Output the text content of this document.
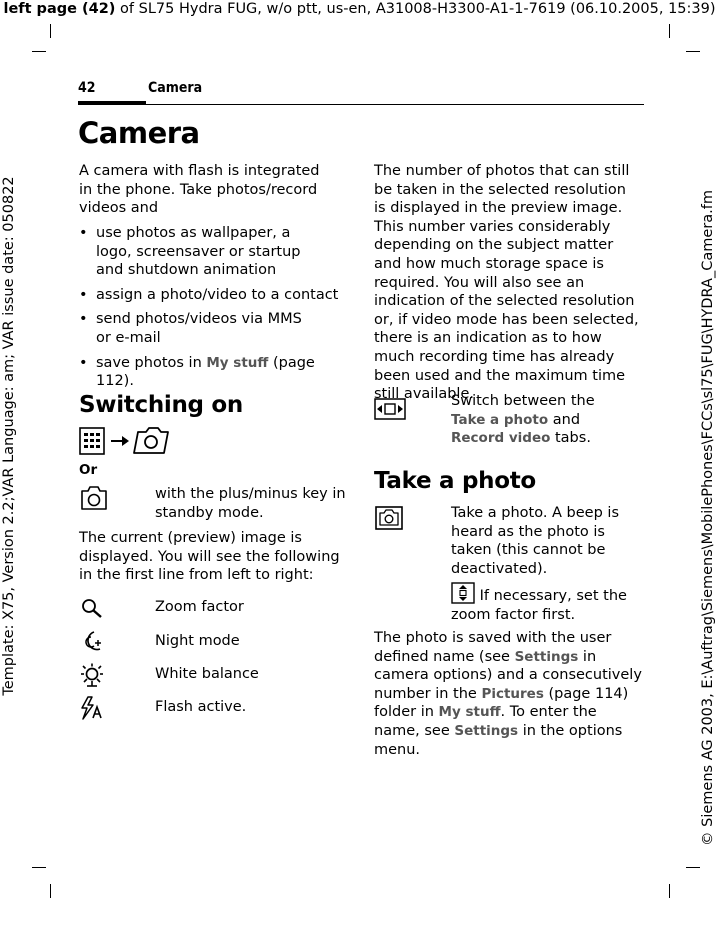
left page (42) of SL75 Hydra FUG, w/o ptt, us-en, A31008-H3300-A1-1-7619 (06.10.2005, 15:39)
Template: X75, Version 2.2;VAR Language: am; VAR issue date: 050822	© Siemens AG 2003, E:\Auftrag\Siemens\MobilePhones\FCCs\sl75\FUG\HYDRA_Camera.fm
42	Camera
Camera
A camera with flash is integrated in the phone. Take photos/record videos and
• use photos as wallpaper, a logo, screensaver or startup and shutdown animation
• assign a photo/video to a contact
• send photos/videos via MMS or e-mail
• save photos in My stuff (page 112).
Switching on
Or
with the plus/minus key in standby mode.
The current (preview) image is displayed. You will see the following in the first line from left to right:
Zoom factor
Night mode
White balance
Flash active.
The number of photos that can still be taken in the selected resolution is displayed in the preview image. This number varies considerably depending on the subject matter and how much storage space is required. You will also see an indication of the selected resolution or, if video mode has been selected, there is an indication as to how much recording time has already been used and the maximum time still available.
Switch between the
Take a photo and
Record video tabs.
Take a photo
Take a photo. A beep is heard as the photo is taken (this cannot be deactivated).
If necessary, set the zoom factor first.
The photo is saved with the user defined name (see Settings in camera options) and a consecutively number in the Pictures (page 114) folder in My stuff. To enter the name, see Settings in the options menu.
